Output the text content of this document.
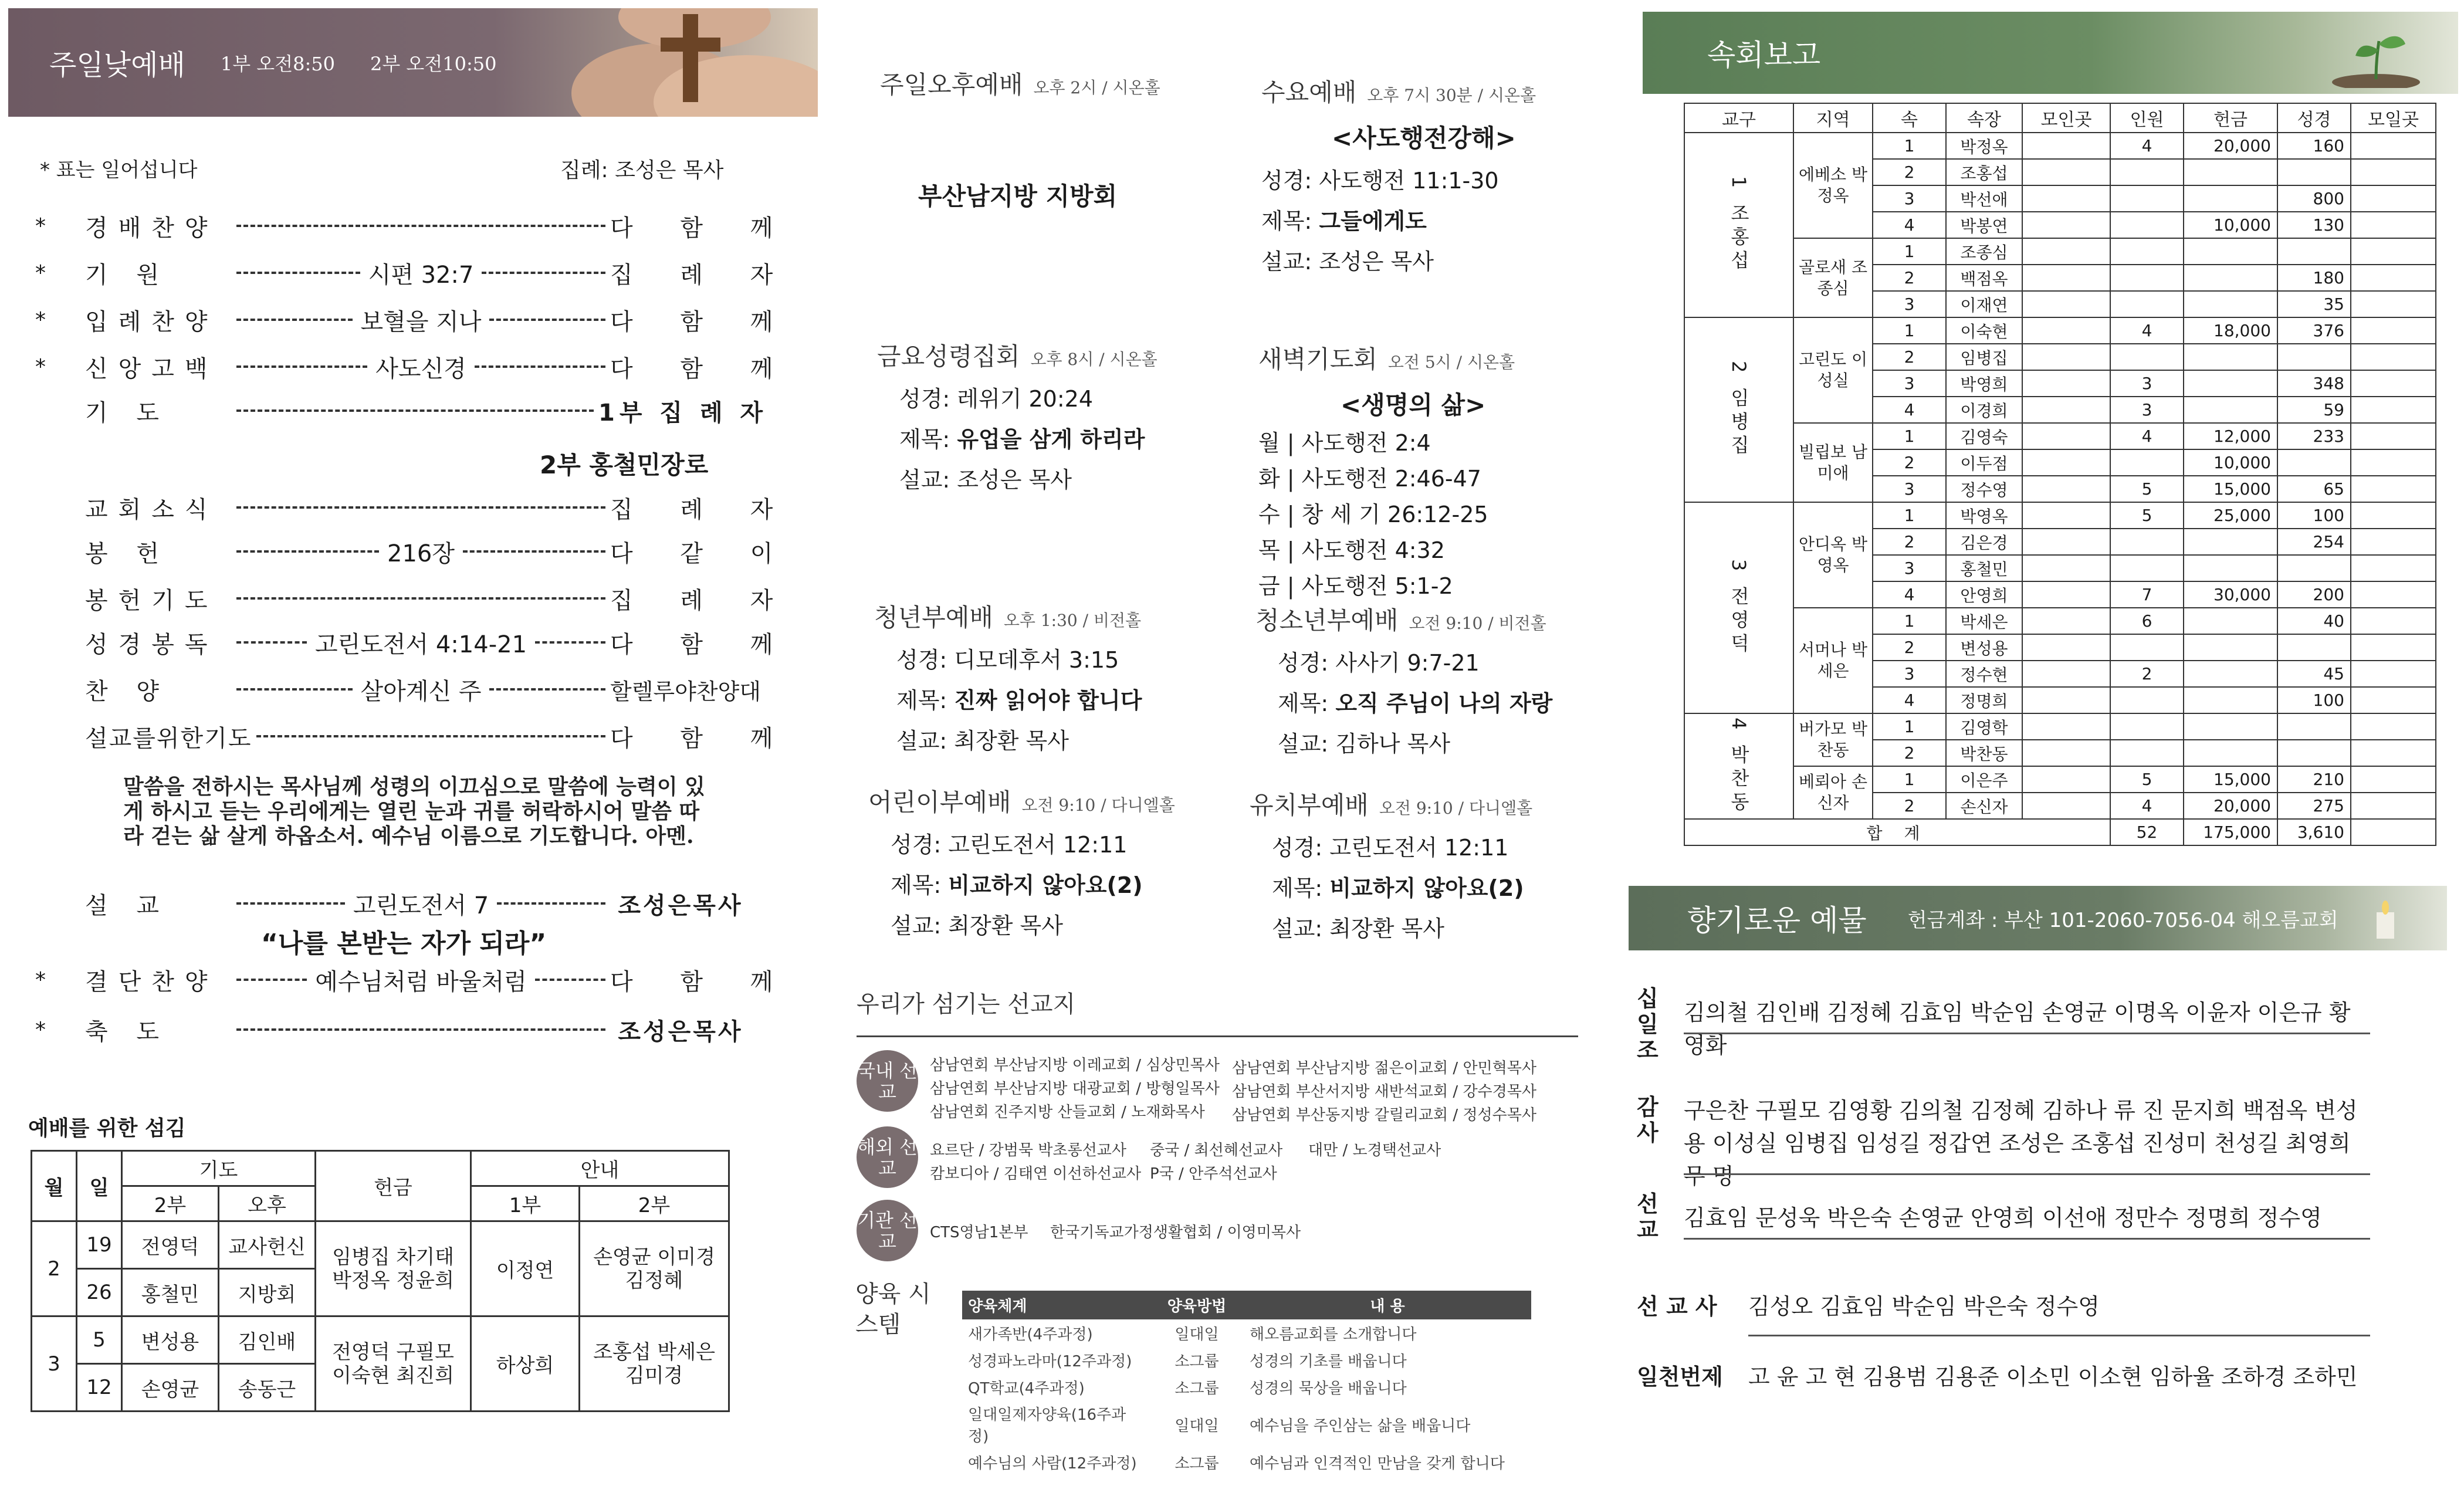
주일낮예배 1부 오전8:50 2부 오전10:50
* 표는 일어섭니다	집례: 조성은 목사
*	경배찬양	다 함 께
*	기 원	시편 32:7	집 례 자
*	입례찬양	보혈을 지나	다 함 께
*	신앙고백	사도신경	다 함 께
기 도	1부 집 례 자
교회소식	집 례 자
봉 헌	216장	다 같 이
봉헌기도	집 례 자
성경봉독	고린도전서 4:14-21	다 함 께
찬 양	살아계신 주	할렐루야찬양대
설교를위한기도	다 함 께
설 교	고린도전서 7	조성은목사
*	결단찬양	예수님처럼 바울처럼	다 함 께
*	축 도	조성은목사
2부 홍철민장로
말씀을 전하시는 목사님께 성령의 이끄심으로 말씀에 능력이 있게 하시고 듣는 우리에게는 열린 눈과 귀를 허락하시어 말씀 따라 걷는 삶 살게 하옵소서. 예수님 이름으로 기도합니다. 아멘.
“나를 본받는 자가 되라”
예배를 위한 섬김
월	일	기도		헌금	안내	
		2부	오후		1부	2부
2	19	전영덕	교사헌신	임병집 차기태 박정옥 정윤희	이정연	손영균 이미경 김정혜
	26	홍철민	지방회			
3	5	변성용	김인배	전영덕 구필모 이숙현 최진희	하상희	조홍섭 박세은 김미경
	12	손영균	송동근			
주일오후예배 오후 2시 / 시온홀
부산남지방 지방회
수요예배 오후 7시 30분 / 시온홀
<사도행전강해>
성경: 사도행전 11:1-30
제목: 그들에게도
설교: 조성은 목사
금요성령집회 오후 8시 / 시온홀
성경: 레위기 20:24
제목: 유업을 삼게 하리라
설교: 조성은 목사
새벽기도회 오전 5시 / 시온홀
<생명의 삶>
월 | 사도행전 2:4
화 | 사도행전 2:46-47
수 | 창 세 기 26:12-25
목 | 사도행전 4:32
금 | 사도행전 5:1-2
청년부예배 오후 1:30 / 비전홀
성경: 디모데후서 3:15
제목: 진짜 읽어야 합니다
설교: 최장환 목사
청소년부예배 오전 9:10 / 비전홀
성경: 사사기 9:7-21
제목: 오직 주님이 나의 자랑
설교: 김하나 목사
어린이부예배 오전 9:10 / 다니엘홀
성경: 고린도전서 12:11
제목: 비교하지 않아요(2)
설교: 최장환 목사
유치부예배 오전 9:10 / 다니엘홀
성경: 고린도전서 12:11
제목: 비교하지 않아요(2)
설교: 최장환 목사
우리가 섬기는 선교지
국내 선교
삼남연회 부산남지방 이레교회 / 심상민목사 삼남연회 부산남지방 젊은이교회 / 안민혁목사
삼남연회 부산남지방 대광교회 / 방형일목사 삼남연회 부산서지방 새반석교회 / 강수경목사
삼남연회 진주지방 산들교회 / 노재화목사 삼남연회 부산동지방 갈릴리교회 / 정성수목사
해외 선교
요르단 / 강범묵 박초롱선교사 중국 / 최선혜선교사 대만 / 노경택선교사
캄보디아 / 김태연 이선하선교사 P국 / 안주석선교사
기관 선교	CTS영남1본부 한국기독교가정생활협회 / 이영미목사
양육 시스템
양육체계	양육방법	내 용
새가족반(4주과정)	일대일	해오름교회를 소개합니다
성경파노라마(12주과정)	소그룹	성경의 기초를 배웁니다
QT학교(4주과정)	소그룹	성경의 묵상을 배웁니다
일대일제자양육(16주과정)	일대일	예수님을 주인삼는 삶을 배웁니다
예수님의 사람(12주과정)	소그룹	예수님과 인격적인 만남을 갖게 합니다
속회보고
교구	지역	속	속장	모인곳	인원	헌금	성경	모일곳
1 조홍섭	에베소 박정옥	1	박정옥		4	20,000	160	
		2	조홍섭					
		3	박선애				800	
		4	박봉연			10,000	130	
	골로새 조종심	1	조종심					
		2	백점옥				180	
		3	이재연				35	
2 임병집	고린도 이성실	1	이숙현		4	18,000	376	
		2	임병집					
		3	박영희		3		348	
		4	이경희		3		59	
	빌립보 남미애	1	김영숙		4	12,000	233	
		2	이두점			10,000		
		3	정수영		5	15,000	65	
3 전영덕	안디옥 박영옥	1	박영옥		5	25,000	100	
		2	김은경				254	
		3	홍철민					
		4	안영희		7	30,000	200	
	서머나 박세은	1	박세은		6		40	
		2	변성용					
		3	정수현		2		45	
		4	정명희				100	
4 박찬동	버가모 박찬동	1	김영학					
		2	박찬동					
	베뢰아 손신자	1	이은주		5	15,000	210	
		2	손신자		4	20,000	275	
합 계					52	175,000	3,610	
향기로운 예물 헌금계좌 : 부산 101-2060-7056-04 해오름교회
십일조
김의철 김인배 김정혜 김효임 박순임 손영균 이명옥 이윤자 이은규 황영화
감사
구은찬 구필모 김영황 김의철 김정혜 김하나 류 진 문지희 백점옥 변성용 이성실 임병집 임성길 정갑연 조성은 조홍섭 진성미 천성길 최영희 무 명
선교 김효임 문성욱 박은숙 손영균 안영희 이선애 정만수 정명희 정수영
선 교 사 김성오 김효임 박순임 박은숙 정수영
일천번제 고 윤 고 현 김용범 김용준 이소민 이소현 임하율 조하경 조하민
